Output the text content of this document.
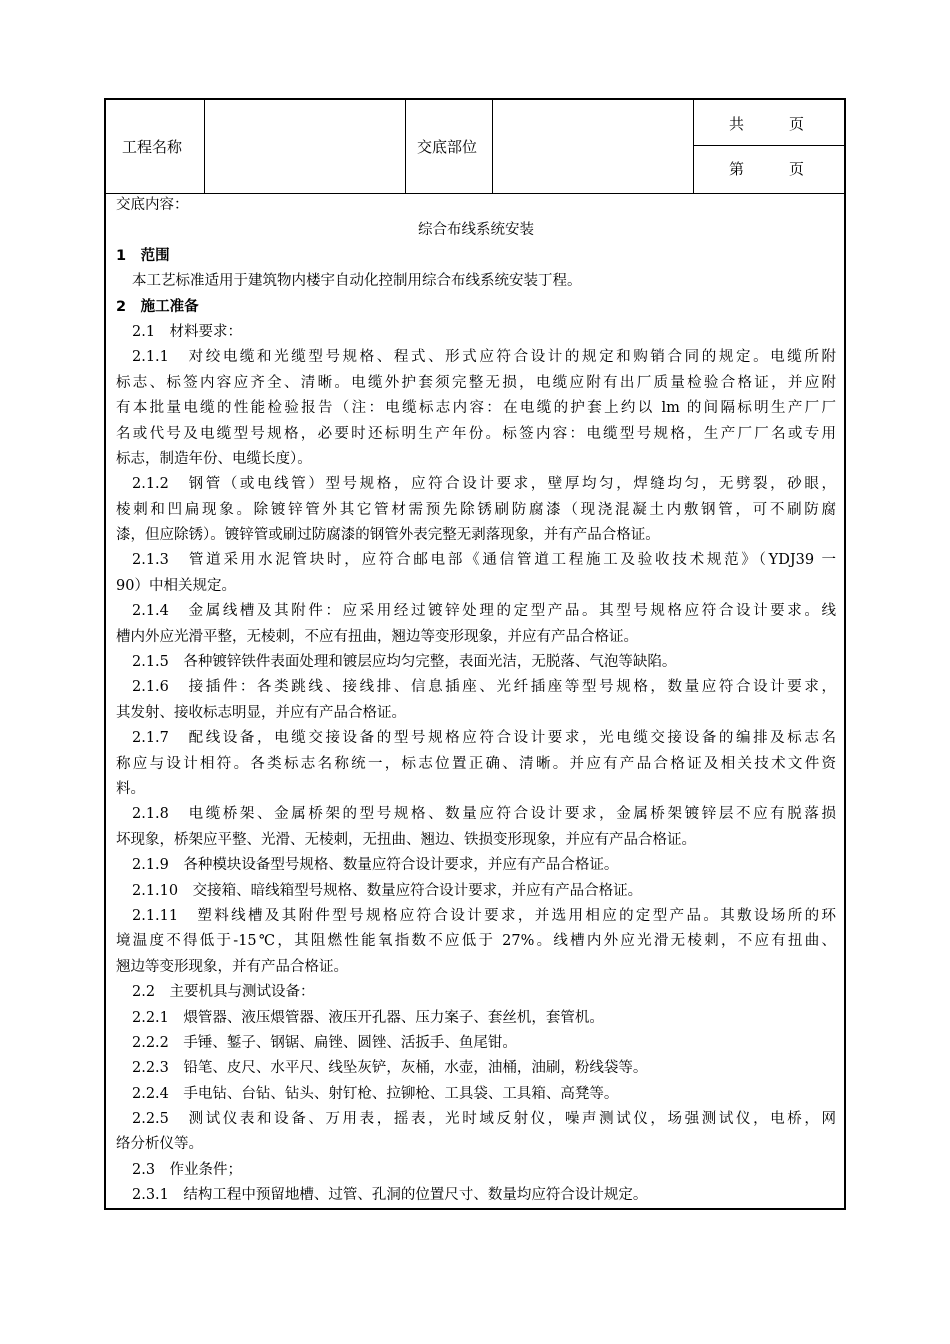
工程名称	交底部位
共　　　页
第　　　页
交底内容：
综合布线系统安装
1　范围
本工艺标准适用于建筑物内楼宇自动化控制用综合布线系统安装丁程。
2　施工准备
2.1　材料要求：
2.1.1　对绞电缆和光缆型号规格、程式、形式应符合设计的规定和购销合同的规定。电缆所附
标志、标签内容应齐全、清晰。电缆外护套须完整无损，电缆应附有出厂质量检验合格证，并应附
有本批量电缆的性能检验报告（注：电缆标志内容：在电缆的护套上约以 lm 的间隔标明生产厂厂
名或代号及电缆型号规格，必要时还标明生产年份。标签内容：电缆型号规格，生产厂厂名或专用
标志，制造年份、电缆长度）。
2.1.2　钢管（或电线管）型号规格，应符合设计要求，壁厚均匀，焊缝均匀，无劈裂，砂眼，
棱刺和凹扁现象。除镀锌管外其它管材需预先除锈刷防腐漆（现浇混凝土内敷钢管，可不刷防腐
漆，但应除锈）。镀锌管或刷过防腐漆的钢管外表完整无剥落现象，并有产品合格证。
2.1.3　管道采用水泥管块时，应符合邮电部《通信管道工程施工及验收技术规范》（YDJ39 一
90）中相关规定。
2.1.4　金属线槽及其附件：应采用经过镀锌处理的定型产品。其型号规格应符合设计要求。线
槽内外应光滑平整，无棱刺，不应有扭曲，翘边等变形现象，并应有产品合格证。
2.1.5　各种镀锌铁件表面处理和镀层应均匀完整，表面光洁，无脱落、气泡等缺陷。
2.1.6　接插件：各类跳线、接线排、信息插座、光纤插座等型号规格，数量应符合设计要求，
其发射、接收标志明显，并应有产品合格证。
2.1.7　配线设备，电缆交接设备的型号规格应符合设计要求，光电缆交接设备的编排及标志名
称应与设计相符。各类标志名称统一，标志位置正确、清晰。并应有产品合格证及相关技术文件资
料。
2.1.8　电缆桥架、金属桥架的型号规格、数量应符合设计要求，金属桥架镀锌层不应有脱落损
坏现象，桥架应平整、光滑、无棱刺，无扭曲、翘边、铁损变形现象，并应有产品合格证。
2.1.9　各种模块设备型号规格、数量应符合设计要求，并应有产品合格证。
2.1.10　交接箱、暗线箱型号规格、数量应符合设计要求，并应有产品合格证。
2.1.11　塑料线槽及其附件型号规格应符合设计要求，并选用相应的定型产品。其敷设场所的环
境温度不得低于-15℃，其阻燃性能氧指数不应低于 27%。线槽内外应光滑无棱刺，不应有扭曲、
翘边等变形现象，并有产品合格证。
2.2　主要机具与测试设备：
2.2.1　煨管器、液压煨管器、液压开孔器、压力案子、套丝机，套管机。
2.2.2　手锤、錾子、钢锯、扁锉、圆锉、活扳手、鱼尾钳。
2.2.3　铅笔、皮尺、水平尺、线坠灰铲，灰桶，水壶，油桶，油刷，粉线袋等。
2.2.4　手电钻、台钻、钻头、射钉枪、拉铆枪、工具袋、工具箱、高凳等。
2.2.5　测试仪表和设备、万用表，摇表，光时域反射仪，噪声测试仪，场强测试仪，电桥，网
络分析仪等。
2.3　作业条件；
2.3.1　结构工程中预留地槽、过管、孔洞的位置尺寸、数量均应符合设计规定。
